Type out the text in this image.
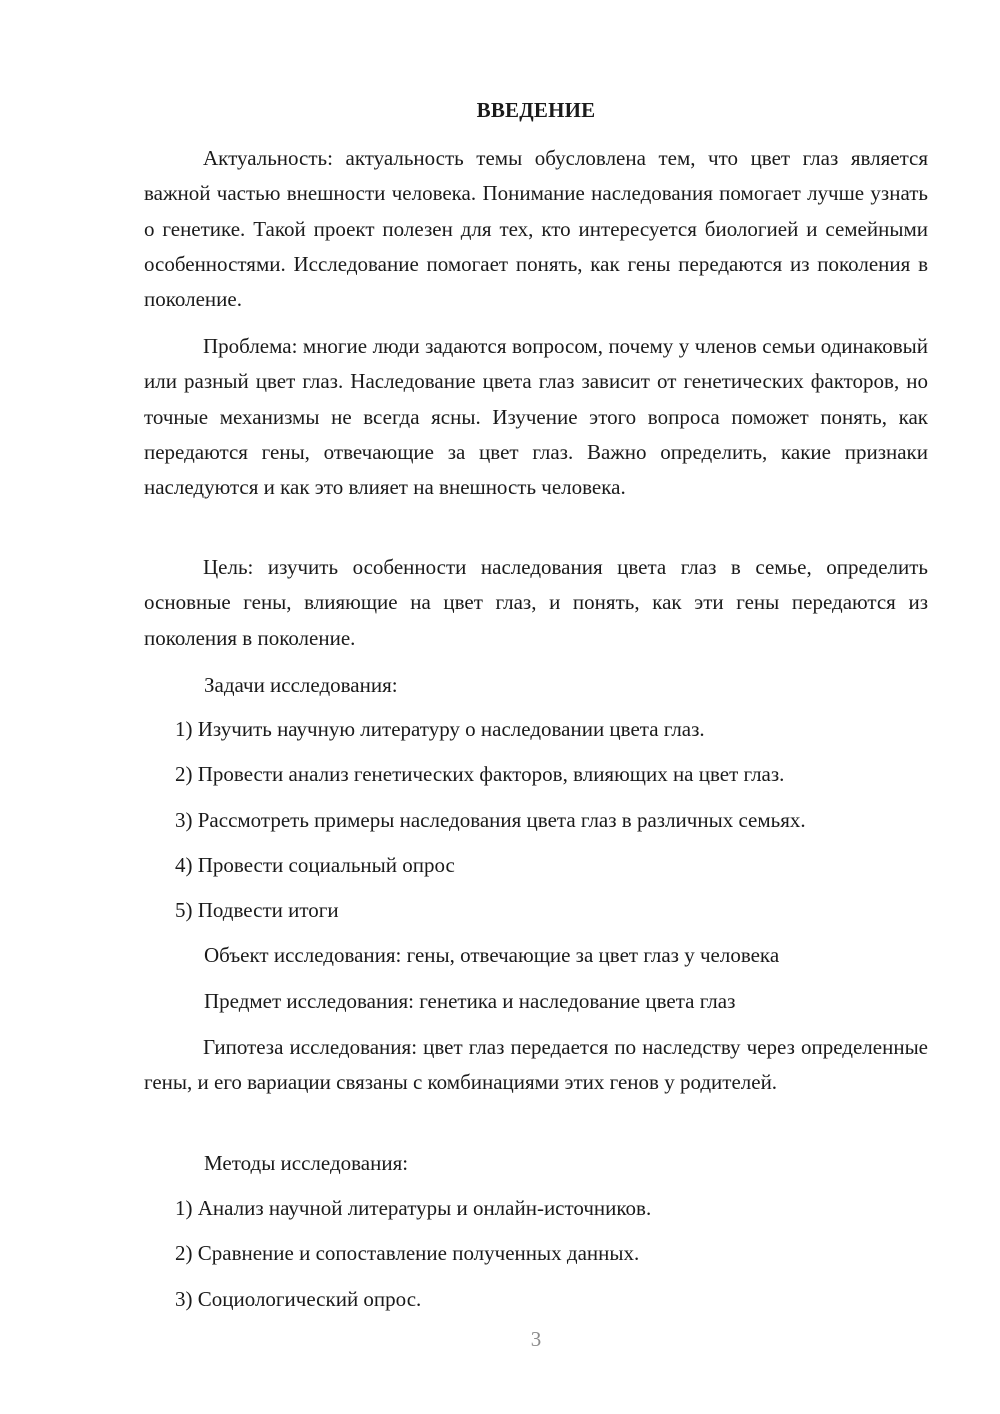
ВВЕДЕНИЕ

Актуальность: актуальность темы обусловлена тем, что цвет глаз является важной частью внешности человека. Понимание наследования помогает лучше узнать о генетике. Такой проект полезен для тех, кто интересуется биологией и семейными особенностями. Исследование помогает понять, как гены передаются из поколения в поколение.

Проблема: многие люди задаются вопросом, почему у членов семьи одинаковый или разный цвет глаз. Наследование цвета глаз зависит от генетических факторов, но точные механизмы не всегда ясны. Изучение этого вопроса поможет понять, как передаются гены, отвечающие за цвет глаз. Важно определить, какие признаки наследуются и как это влияет на внешность человека.

Цель: изучить особенности наследования цвета глаз в семье, определить основные гены, влияющие на цвет глаз, и понять, как эти гены передаются из поколения в поколение.

Задачи исследования:

1) Изучить научную литературу о наследовании цвета глаз.

2) Провести анализ генетических факторов, влияющих на цвет глаз.

3) Рассмотреть примеры наследования цвета глаз в различных семьях.

4) Провести социальный опрос

5) Подвести итоги

Объект исследования: гены, отвечающие за цвет глаз у человека

Предмет исследования: генетика и наследование цвета глаз

Гипотеза исследования: цвет глаз передается по наследству через определенные гены, и его вариации связаны с комбинациями этих генов у родителей.

Методы исследования:

1) Анализ научной литературы и онлайн-источников.

2) Сравнение и сопоставление полученных данных.

3) Социологический опрос.

3
